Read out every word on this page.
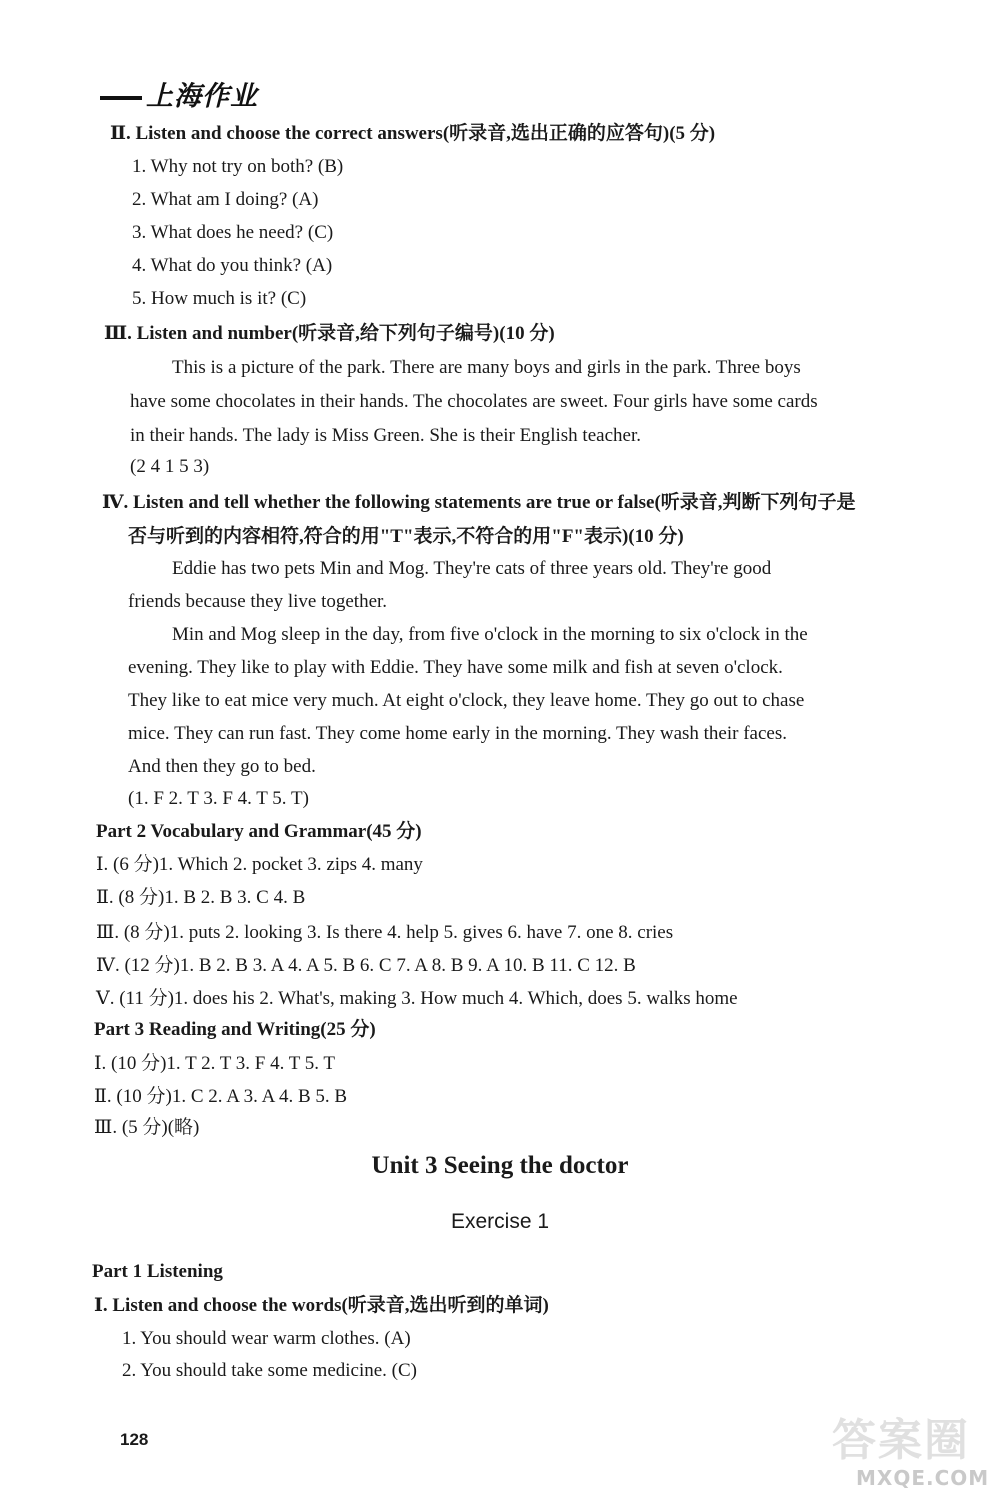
上海作业
Ⅱ. Listen and choose the correct answers(听录音,选出正确的应答句)(5 分)
1. Why not try on both? (B)
2. What am I doing? (A)
3. What does he need? (C)
4. What do you think? (A)
5. How much is it? (C)
Ⅲ. Listen and number(听录音,给下列句子编号)(10 分)
This is a picture of the park. There are many boys and girls in the park. Three boys
have some chocolates in their hands. The chocolates are sweet. Four girls have some cards
in their hands. The lady is Miss Green. She is their English teacher.
(2 4 1 5 3)
Ⅳ. Listen and tell whether the following statements are true or false(听录音,判断下列句子是
否与听到的内容相符,符合的用"T"表示,不符合的用"F"表示)(10 分)
Eddie has two pets Min and Mog. They're cats of three years old. They're good
friends because they live together.
Min and Mog sleep in the day, from five o'clock in the morning to six o'clock in the
evening. They like to play with Eddie. They have some milk and fish at seven o'clock.
They like to eat mice very much. At eight o'clock, they leave home. They go out to chase
mice. They can run fast. They come home early in the morning. They wash their faces.
And then they go to bed.
(1. F 2. T 3. F 4. T 5. T)
Part 2 Vocabulary and Grammar(45 分)
Ⅰ. (6 分)1. Which 2. pocket 3. zips 4. many
Ⅱ. (8 分)1. B 2. B 3. C 4. B
Ⅲ. (8 分)1. puts 2. looking 3. Is there 4. help 5. gives 6. have 7. one 8. cries
Ⅳ. (12 分)1. B 2. B 3. A 4. A 5. B 6. C 7. A 8. B 9. A 10. B 11. C 12. B
Ⅴ. (11 分)1. does his 2. What's, making 3. How much 4. Which, does 5. walks home
Part 3 Reading and Writing(25 分)
Ⅰ. (10 分)1. T 2. T 3. F 4. T 5. T
Ⅱ. (10 分)1. C 2. A 3. A 4. B 5. B
Ⅲ. (5 分)(略)
Unit 3 Seeing the doctor
Exercise 1
Part 1 Listening
Ⅰ. Listen and choose the words(听录音,选出听到的单词)
1. You should wear warm clothes. (A)
2. You should take some medicine. (C)
128	答案圈
MXQE.COM
